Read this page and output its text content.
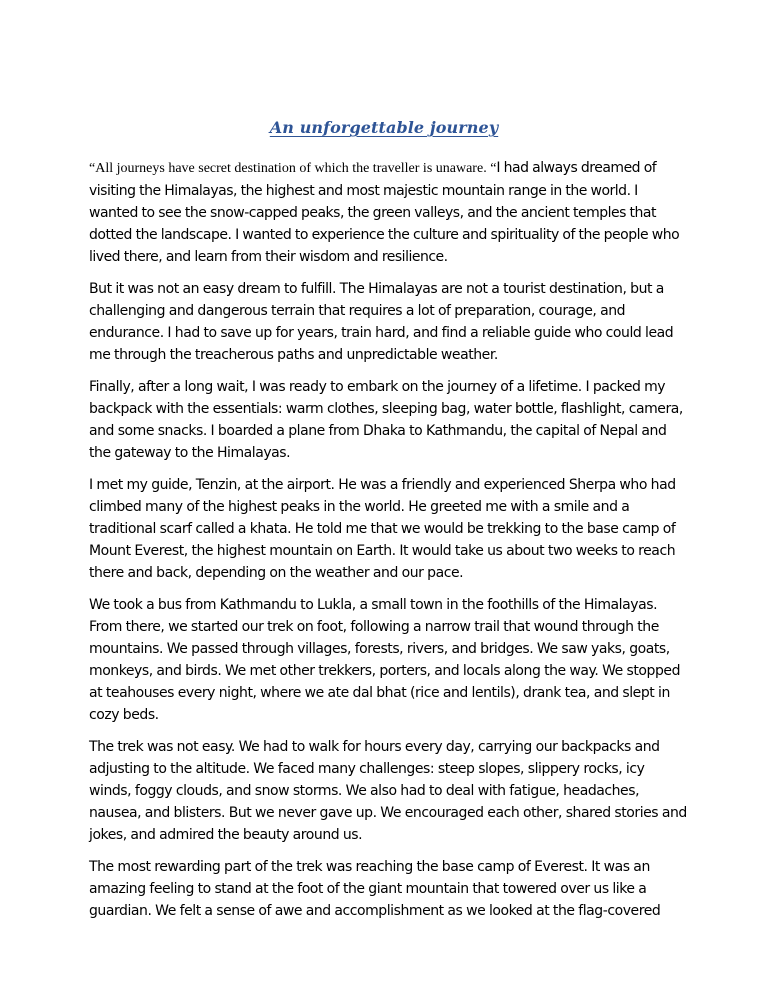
An unforgettable journey

“All journeys have secret destination of which the traveller is unaware. “I had always dreamed of visiting the Himalayas, the highest and most majestic mountain range in the world. I wanted to see the snow-capped peaks, the green valleys, and the ancient temples that dotted the landscape. I wanted to experience the culture and spirituality of the people who lived there, and learn from their wisdom and resilience.

But it was not an easy dream to fulfill. The Himalayas are not a tourist destination, but a challenging and dangerous terrain that requires a lot of preparation, courage, and endurance. I had to save up for years, train hard, and find a reliable guide who could lead me through the treacherous paths and unpredictable weather.

Finally, after a long wait, I was ready to embark on the journey of a lifetime. I packed my backpack with the essentials: warm clothes, sleeping bag, water bottle, flashlight, camera, and some snacks. I boarded a plane from Dhaka to Kathmandu, the capital of Nepal and the gateway to the Himalayas.

I met my guide, Tenzin, at the airport. He was a friendly and experienced Sherpa who had climbed many of the highest peaks in the world. He greeted me with a smile and a traditional scarf called a khata. He told me that we would be trekking to the base camp of Mount Everest, the highest mountain on Earth. It would take us about two weeks to reach there and back, depending on the weather and our pace.

We took a bus from Kathmandu to Lukla, a small town in the foothills of the Himalayas. From there, we started our trek on foot, following a narrow trail that wound through the mountains. We passed through villages, forests, rivers, and bridges. We saw yaks, goats, monkeys, and birds. We met other trekkers, porters, and locals along the way. We stopped at teahouses every night, where we ate dal bhat (rice and lentils), drank tea, and slept in cozy beds.

The trek was not easy. We had to walk for hours every day, carrying our backpacks and adjusting to the altitude. We faced many challenges: steep slopes, slippery rocks, icy winds, foggy clouds, and snow storms. We also had to deal with fatigue, headaches, nausea, and blisters. But we never gave up. We encouraged each other, shared stories and jokes, and admired the beauty around us.

The most rewarding part of the trek was reaching the base camp of Everest. It was an amazing feeling to stand at the foot of the giant mountain that towered over us like a guardian. We felt a sense of awe and accomplishment as we looked at the flag-covered
